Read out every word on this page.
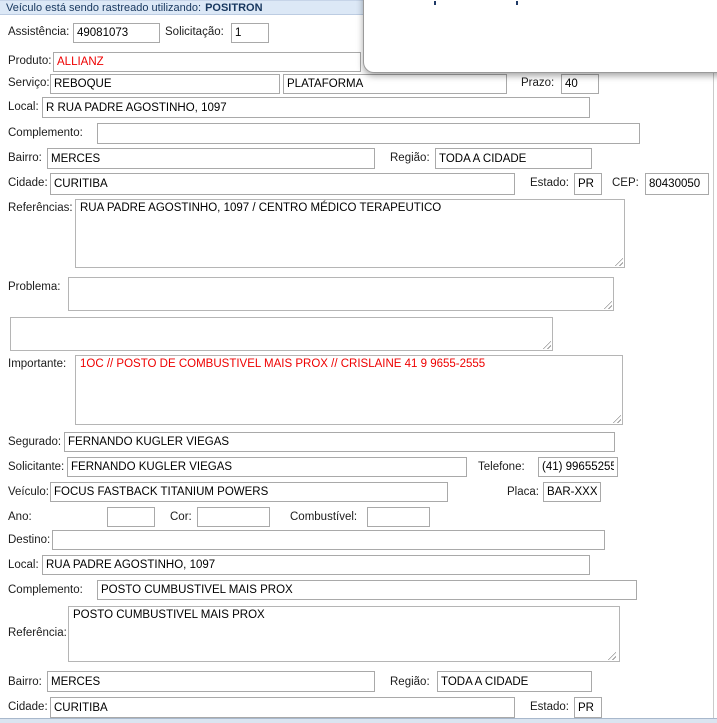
Veículo está sendo rastreado utilizando: POSITRON
Assistência:
49081073	Solicitação:
1
Produto:
ALLIANZ
Serviço:
REBOQUE
PLATAFORMA	Prazo:
40
Local:
R RUA PADRE AGOSTINHO, 1097
Complemento:
Bairro:
MERCES	Região:
TODA A CIDADE
Cidade:
CURITIBA	Estado:
PR	CEP:
80430050
Referências:
RUA PADRE AGOSTINHO, 1097 / CENTRO MÉDICO TERAPEUTICO
Problema:
Importante:
1OC // POSTO DE COMBUSTIVEL MAIS PROX // CRISLAINE 41 9 9655-2555
Segurado:
FERNANDO KUGLER VIEGAS
Solicitante:
FERNANDO KUGLER VIEGAS	Telefone:
(41) 996552555
Veículo:
FOCUS FASTBACK TITANIUM POWERS	Placa:
BAR-XXXX
Ano:	Cor:	Combustível:
Destino:
Local:
RUA PADRE AGOSTINHO, 1097
Complemento:
POSTO CUMBUSTIVEL MAIS PROX
Referência:
POSTO CUMBUSTIVEL MAIS PROX
Bairro:
MERCES	Região:
TODA A CIDADE
Cidade:
CURITIBA	Estado:
PR
